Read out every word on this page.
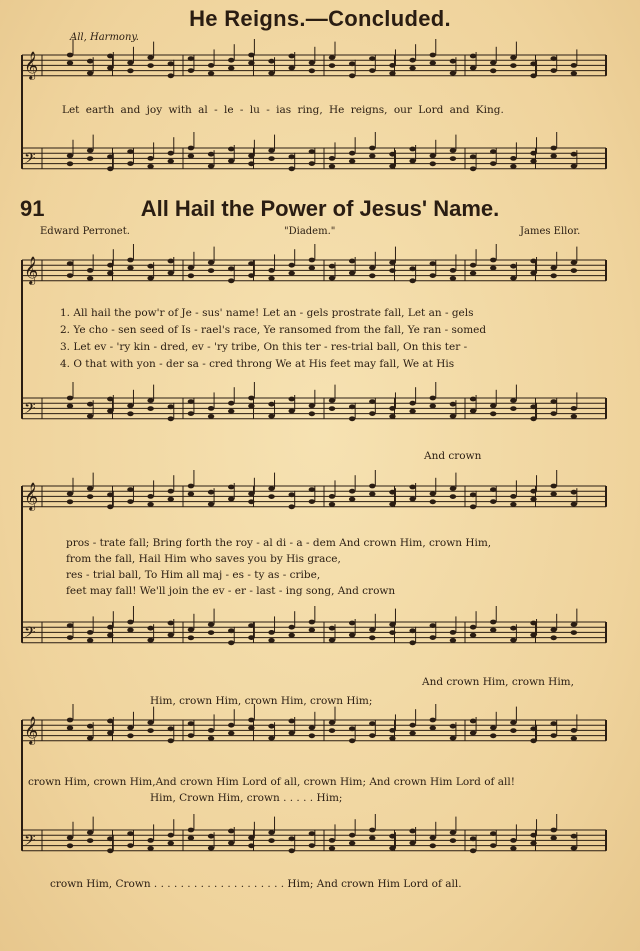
He Reigns.—Concluded.
All, Harmony.
𝄞
𝄢
𝄞
𝄢
𝄞
𝄢
𝄞
𝄢
Let earth and joy with al - le - lu - ias ring, He reigns, our Lord and King.
91	All Hail the Power of Jesus' Name.
Edward Perronet.	"Diadem."	James Ellor.
1. All hail the pow'r of Je - sus' name! Let an - gels prostrate fall, Let an - gels
2. Ye cho - sen seed of Is - rael's race, Ye ransomed from the fall, Ye ran - somed
3. Let ev - 'ry kin - dred, ev - 'ry tribe, On this ter - res-trial ball, On this ter -
4. O that with yon - der sa - cred throng We at His feet may fall, We at His
And crown
pros - trate fall; Bring forth the roy - al di - a - dem And crown Him, crown Him,
from the fall, Hail Him who saves you by His grace,
res - trial ball, To Him all maj - es - ty as - cribe,
feet may fall! We'll join the ev - er - last - ing song, And crown
And crown Him, crown Him,
Him, crown Him, crown Him, crown Him;
crown Him, crown Him,And crown Him Lord of all, crown Him; And crown Him Lord of all!
Him, Crown Him, crown . . . . . Him;
crown Him, Crown . . . . . . . . . . . . . . . . . . . . Him; And crown Him Lord of all.
